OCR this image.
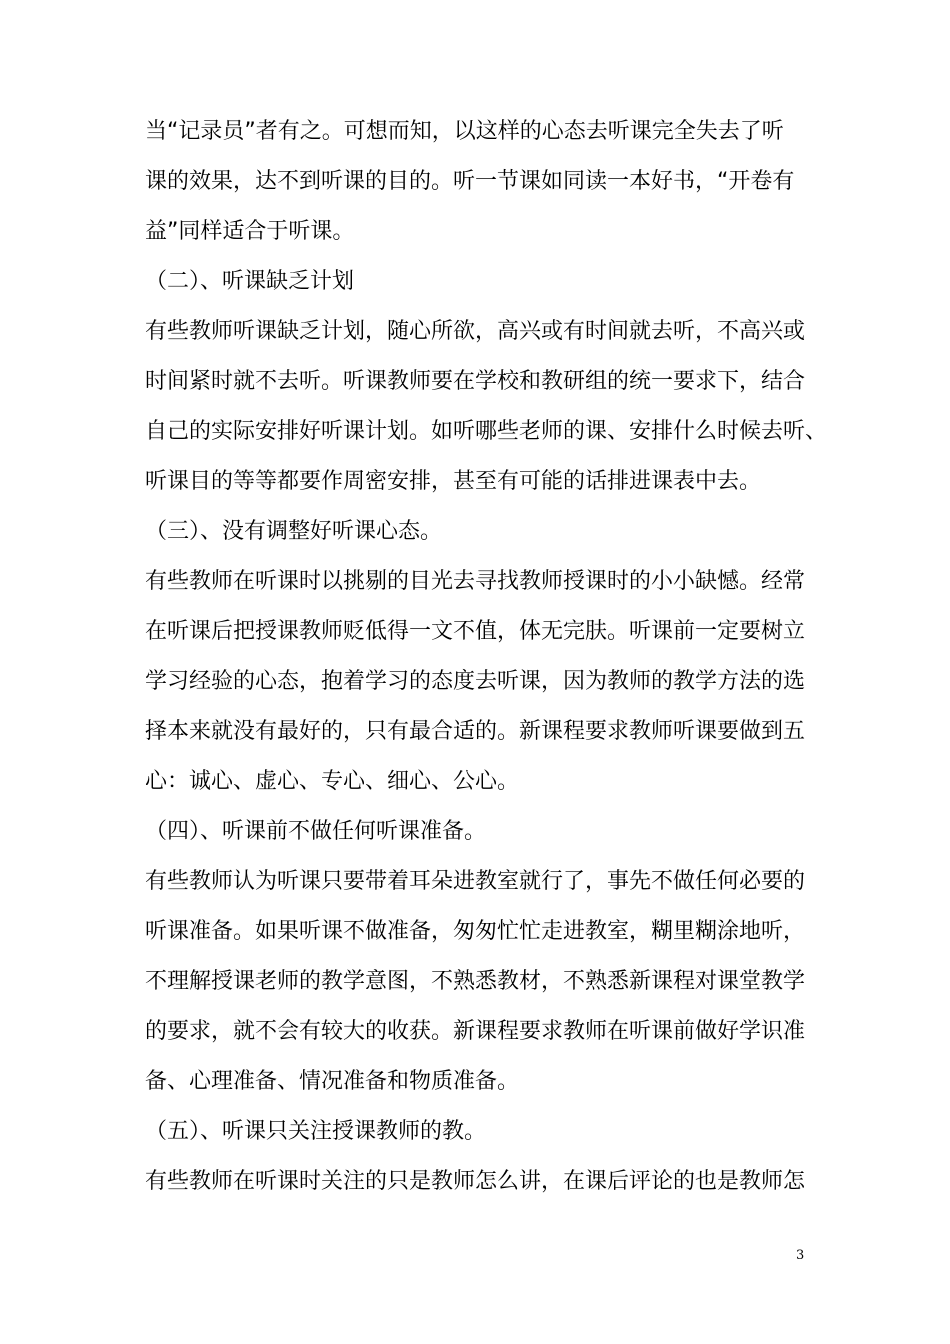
当“记录员”者有之。可想而知，以这样的心态去听课完全失去了听
课的效果，达不到听课的目的。听一节课如同读一本好书，“开卷有
益”同样适合于听课。
（二）、听课缺乏计划
有些教师听课缺乏计划，随心所欲，高兴或有时间就去听，不高兴或
时间紧时就不去听。听课教师要在学校和教研组的统一要求下，结合
自己的实际安排好听课计划。如听哪些老师的课、安排什么时候去听、
听课目的等等都要作周密安排，甚至有可能的话排进课表中去。
（三）、没有调整好听课心态。
有些教师在听课时以挑剔的目光去寻找教师授课时的小小缺憾。经常
在听课后把授课教师贬低得一文不值，体无完肤。听课前一定要树立
学习经验的心态，抱着学习的态度去听课，因为教师的教学方法的选
择本来就没有最好的，只有最合适的。新课程要求教师听课要做到五
心：诚心、虚心、专心、细心、公心。
（四）、听课前不做任何听课准备。
有些教师认为听课只要带着耳朵进教室就行了，事先不做任何必要的
听课准备。如果听课不做准备，匆匆忙忙走进教室，糊里糊涂地听，
不理解授课老师的教学意图，不熟悉教材，不熟悉新课程对课堂教学
的要求，就不会有较大的收获。新课程要求教师在听课前做好学识准
备、心理准备、情况准备和物质准备。
（五）、听课只关注授课教师的教。
有些教师在听课时关注的只是教师怎么讲，在课后评论的也是教师怎
3
